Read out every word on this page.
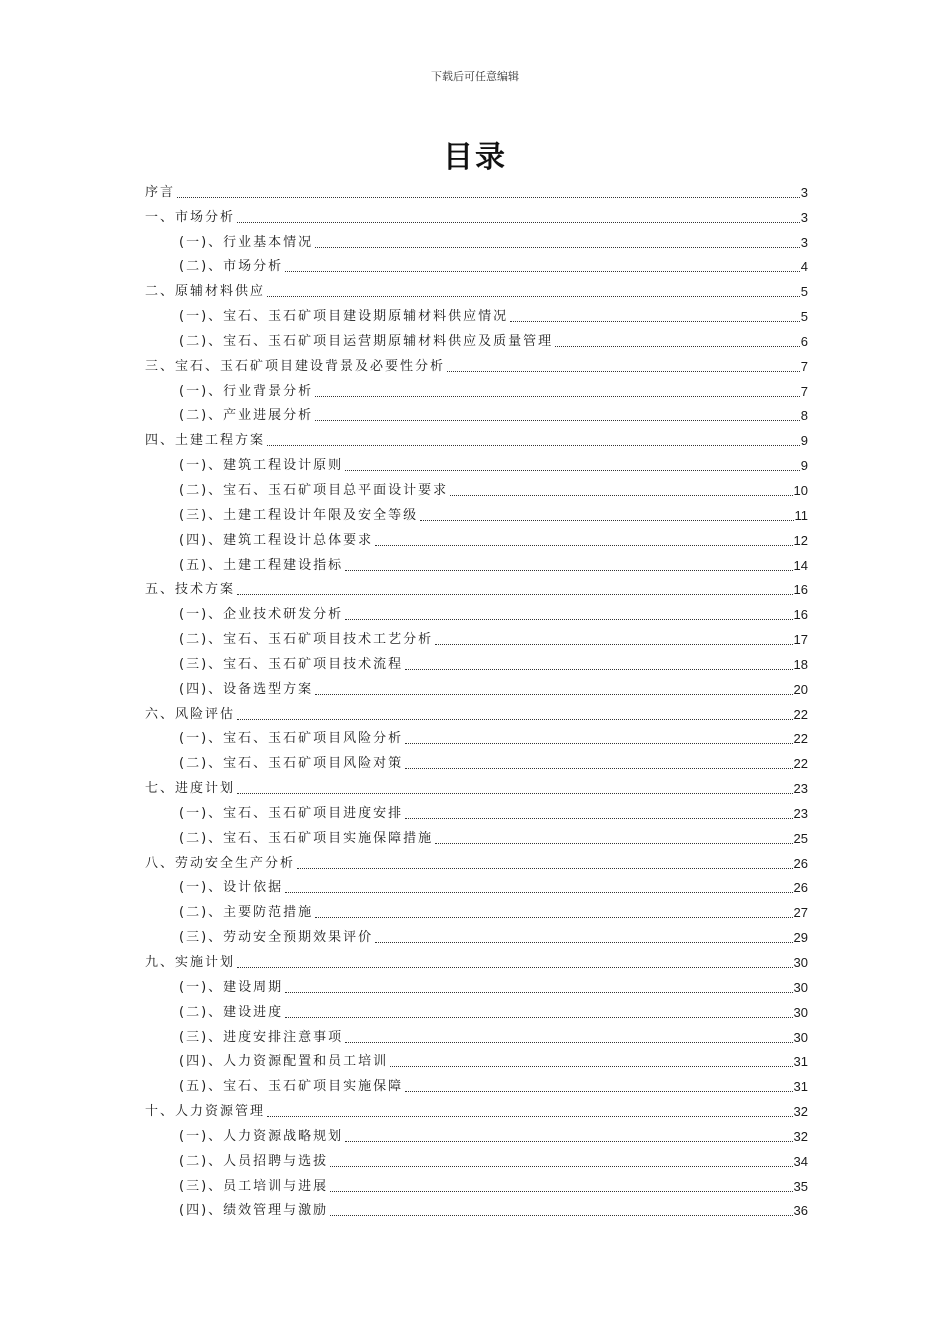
下载后可任意编辑
目录
序言	3
一、市场分析	3
(一)、行业基本情况	3
(二)、市场分析	4
二、原辅材料供应	5
(一)、宝石、玉石矿项目建设期原辅材料供应情况	5
(二)、宝石、玉石矿项目运营期原辅材料供应及质量管理	6
三、宝石、玉石矿项目建设背景及必要性分析	7
(一)、行业背景分析	7
(二)、产业进展分析	8
四、土建工程方案	9
(一)、建筑工程设计原则	9
(二)、宝石、玉石矿项目总平面设计要求	10
(三)、土建工程设计年限及安全等级	11
(四)、建筑工程设计总体要求	12
(五)、土建工程建设指标	14
五、技术方案	16
(一)、企业技术研发分析	16
(二)、宝石、玉石矿项目技术工艺分析	17
(三)、宝石、玉石矿项目技术流程	18
(四)、设备选型方案	20
六、风险评估	22
(一)、宝石、玉石矿项目风险分析	22
(二)、宝石、玉石矿项目风险对策	22
七、进度计划	23
(一)、宝石、玉石矿项目进度安排	23
(二)、宝石、玉石矿项目实施保障措施	25
八、劳动安全生产分析	26
(一)、设计依据	26
(二)、主要防范措施	27
(三)、劳动安全预期效果评价	29
九、实施计划	30
(一)、建设周期	30
(二)、建设进度	30
(三)、进度安排注意事项	30
(四)、人力资源配置和员工培训	31
(五)、宝石、玉石矿项目实施保障	31
十、人力资源管理	32
(一)、人力资源战略规划	32
(二)、人员招聘与选拔	34
(三)、员工培训与进展	35
(四)、绩效管理与激励	36
